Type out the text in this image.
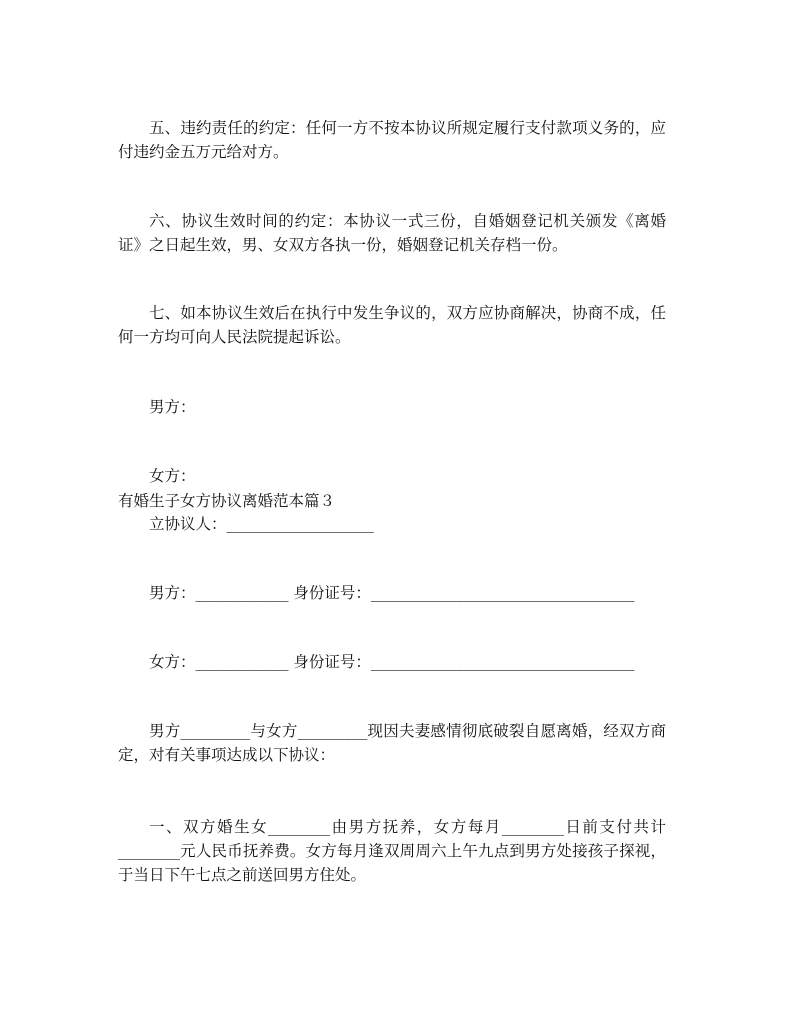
五、违约责任的约定：任何一方不按本协议所规定履行支付款项义务的，应付违约金五万元给对方。

六、协议生效时间的约定：本协议一式三份，自婚姻登记机关颁发《离婚证》之日起生效，男、女双方各执一份，婚姻登记机关存档一份。

七、如本协议生效后在执行中发生争议的，双方应协商解决，协商不成，任何一方均可向人民法院提起诉讼。

男方：

女方：

有婚生子女方协议离婚范本篇３

立协议人：___________________

男方：____________ 身份证号：__________________________________

女方：____________ 身份证号：__________________________________

男方_________与女方_________现因夫妻感情彻底破裂自愿离婚，经双方商定，对有关事项达成以下协议：

一、双方婚生女________由男方抚养，女方每月________日前支付共计________元人民币抚养费。女方每月逢双周周六上午九点到男方处接孩子探视，于当日下午七点之前送回男方住处。
